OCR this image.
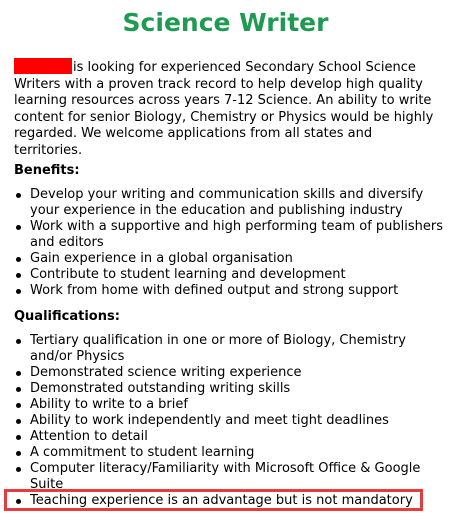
Science Writer

is looking for experienced Secondary School Science Writers with a proven track record to help develop high quality learning resources across years 7-12 Science. An ability to write content for senior Biology, Chemistry or Physics would be highly regarded. We welcome applications from all states and territories.

Benefits:

Develop your writing and communication skills and diversify your experience in the education and publishing industry
Work with a supportive and high performing team of publishers and editors
Gain experience in a global organisation
Contribute to student learning and development
Work from home with defined output and strong support

Qualifications:

Tertiary qualification in one or more of Biology, Chemistry and/or Physics
Demonstrated science writing experience
Demonstrated outstanding writing skills
Ability to write to a brief
Ability to work independently and meet tight deadlines
Attention to detail
A commitment to student learning
Computer literacy/Familiarity with Microsoft Office & Google Suite
Teaching experience is an advantage but is not mandatory
